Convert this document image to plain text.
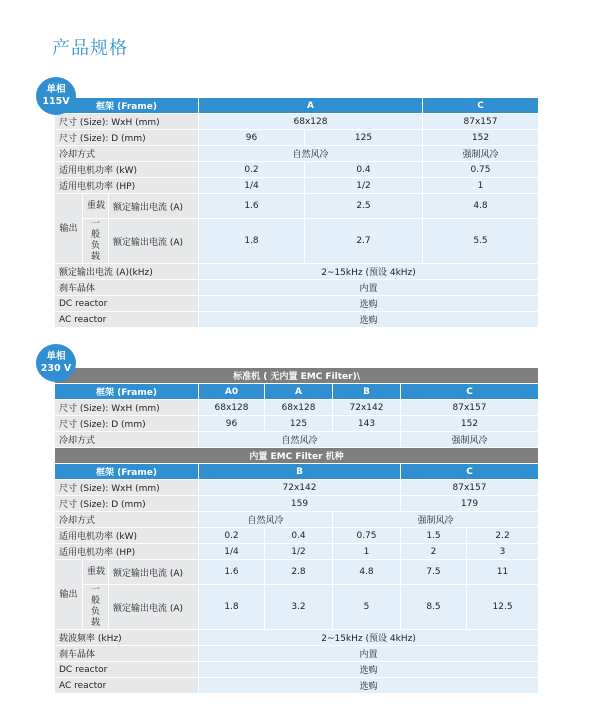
产品规格
单相
115V	框架 (Frame)			A		C
尺寸 (Size): WxH (mm)			68x128		87x157
尺寸 (Size): D (mm)			96	125	152
冷却方式			自然风冷		强制风冷
适用电机功率 (kW)			0.2	0.4	0.75
适用电机功率 (HP)			1/4	1/2	1
输出	重载	额定输出电流 (A)	1.6	2.5	4.8
	一般负载	额定输出电流 (A)	1.8	2.7	5.5
额定输出电流 (A)(kHz)			2~15kHz (预设 4kHz)		
刹车晶体			内置		
DC reactor			选购		
AC reactor			选购		
单相
230 V
标准机 ( 无内置 EMC Filter)\							
框架 (Frame)			A0	A	B	C	
尺寸 (Size): WxH (mm)			68x128	68x128	72x142	87x157	
尺寸 (Size): D (mm)			96	125	143	152	
冷却方式			自然风冷			强制风冷	
内置 EMC Filter 机种							
框架 (Frame)			B			C	
尺寸 (Size): WxH (mm)			72x142			87x157	
尺寸 (Size): D (mm)			159			179	
冷却方式			自然风冷		强制风冷		
适用电机功率 (kW)			0.2	0.4	0.75	1.5	2.2
适用电机功率 (HP)			1/4	1/2	1	2	3
输出	重载	额定输出电流 (A)	1.6	2.8	4.8	7.5	11
	一般负载	额定输出电流 (A)	1.8	3.2	5	8.5	12.5
载波频率 (kHz)			2~15kHz (预设 4kHz)				
刹车晶体			内置				
DC reactor			选购				
AC reactor			选购				
